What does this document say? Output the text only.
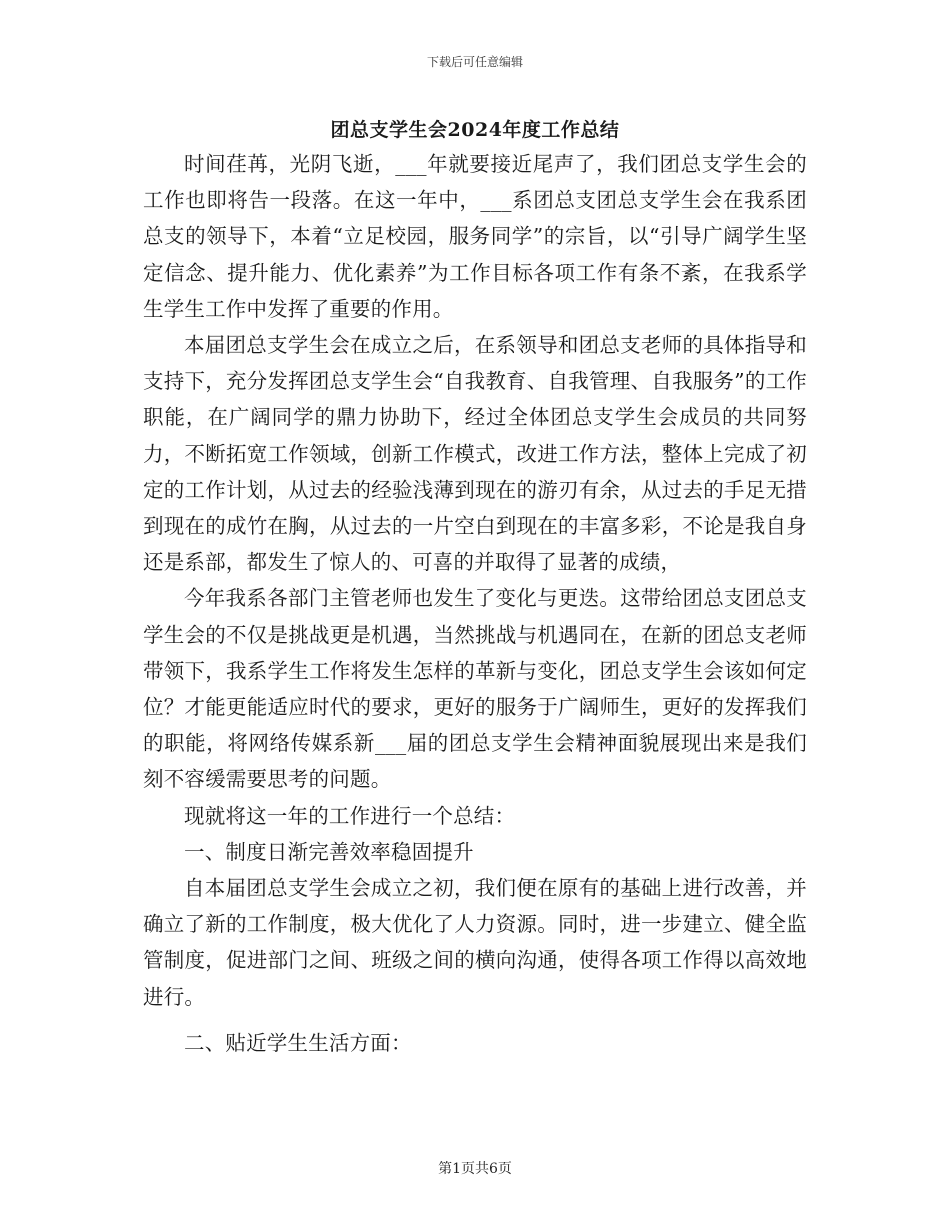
下载后可任意编辑
团总支学生会2024年度工作总结

时间荏苒，光阴飞逝，___年就要接近尾声了，我们团总支学生会的工作也即将告一段落。在这一年中，___系团总支团总支学生会在我系团总支的领导下，本着“立足校园，服务同学”的宗旨，以“引导广阔学生坚定信念、提升能力、优化素养”为工作目标各项工作有条不紊，在我系学生学生工作中发挥了重要的作用。

本届团总支学生会在成立之后，在系领导和团总支老师的具体指导和支持下，充分发挥团总支学生会“自我教育、自我管理、自我服务”的工作职能，在广阔同学的鼎力协助下，经过全体团总支学生会成员的共同努力，不断拓宽工作领域，创新工作模式，改进工作方法，整体上完成了初定的工作计划，从过去的经验浅薄到现在的游刃有余，从过去的手足无措到现在的成竹在胸，从过去的一片空白到现在的丰富多彩，不论是我自身还是系部，都发生了惊人的、可喜的并取得了显著的成绩，

今年我系各部门主管老师也发生了变化与更迭。这带给团总支团总支学生会的不仅是挑战更是机遇，当然挑战与机遇同在，在新的团总支老师带领下，我系学生工作将发生怎样的革新与变化，团总支学生会该如何定位？才能更能适应时代的要求，更好的服务于广阔师生，更好的发挥我们的职能，将网络传媒系新___届的团总支学生会精神面貌展现出来是我们刻不容缓需要思考的问题。

现就将这一年的工作进行一个总结：

一、制度日渐完善效率稳固提升

自本届团总支学生会成立之初，我们便在原有的基础上进行改善，并确立了新的工作制度，极大优化了人力资源。同时，进一步建立、健全监管制度，促进部门之间、班级之间的横向沟通，使得各项工作得以高效地进行。

二、贴近学生生活方面：

第1页共6页
